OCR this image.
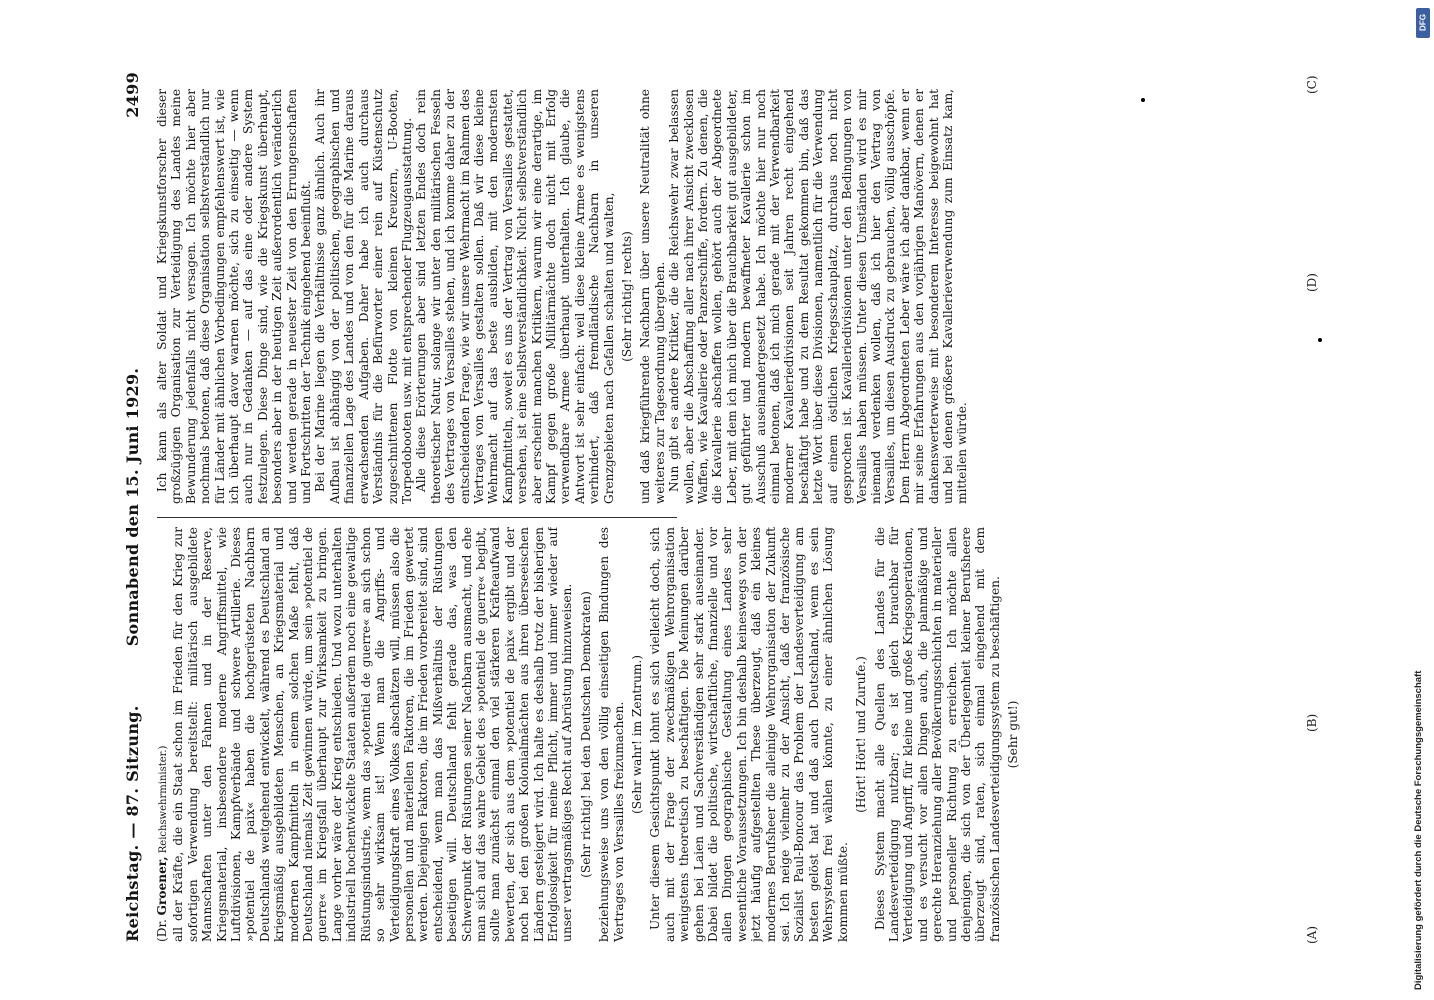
Reichstag. — 87. Sitzung.
Sonnabend den 15. Juni 1929.
2499

(Dr. Groener, Reichswehrminister.) all der Kräfte, die ein Staat schon im Frieden für den Krieg zur sofortigen Verwendung bereitstellt: militärisch ausgebildete Mannschaften unter den Fahnen und in der Reserve, Kriegsmaterial, insbesondere moderne Angriffsmittel, wie Luftdivisionen, Kampfverbände und schwere Artillerie. Dieses »potentiel de paix« haben die hochgerüsteten Nachbarn Deutschlands weitgehend entwickelt, während es Deutschland an kriegsmäßig ausgebildeten Menschen, an Kriegsmaterial und modernen Kampfmitteln in einem solchen Maße fehlt, daß Deutschland niemals Zeit gewinnen würde, um sein »potentiel de guerre« im Kriegsfall überhaupt zur Wirksamkeit zu bringen. Lange vorher wäre der Krieg entschieden. Und wozu unterhalten industriell hochentwickelte Staaten außerdem noch eine gewaltige Rüstungsindustrie, wenn das »potentiel de guerre« an sich schon so sehr wirksam ist! Wenn man die Angriffs- und Verteidigungskraft eines Volkes abschätzen will, müssen also die personellen und materiellen Faktoren, die im Frieden gewertet werden. Diejenigen Faktoren, die im Frieden vorbereitet sind, sind entscheidend, wenn man das Mißverhältnis der Rüstungen beseitigen will. Deutschland fehlt gerade das, was den Schwerpunkt der Rüstungen seiner Nachbarn ausmacht, und ehe man sich auf das wahre Gebiet des »potentiel de guerre« begibt, sollte man zunächst einmal den viel stärkeren Kräfteaufwand bewerten, der sich aus dem »potentiel de paix« ergibt und der noch bei den großen Kolonialmächten aus ihren überseeischen Ländern gesteigert wird. Ich halte es deshalb trotz der bisherigen Erfolglosigkeit für meine Pflicht, immer und immer wieder auf unser vertragsmäßiges Recht auf Abrüstung hinzuweisen. (Sehr richtig! bei den Deutschen Demokraten) beziehungsweise uns von den völlig einseitigen Bindungen des Vertrages von Versailles freizumachen. (Sehr wahr! im Zentrum.) Unter diesem Gesichtspunkt lohnt es sich vielleicht doch, sich auch mit der Frage der zweckmäßigen Wehrorganisation wenigstens theoretisch zu beschäftigen. Die Meinungen darüber gehen bei Laien und Sachverständigen sehr stark auseinander. Dabei bildet die politische, wirtschaftliche, finanzielle und vor allen Dingen geographische Gestaltung eines Landes sehr wesentliche Voraussetzungen. Ich bin deshalb keineswegs von der jetzt häufig aufgestellten These überzeugt, daß ein kleines modernes Berufsheer die alleinige Wehrorganisation der Zukunft sei. Ich neige vielmehr zu der Ansicht, daß der französische Sozialist Paul-Boncour das Problem der Landesverteidigung am besten gelöst hat und daß auch Deutschland, wenn es sein Wehrsystem frei wählen könnte, zu einer ähnlichen Lösung kommen müßte.

(Hört! Hört! und Zurufe.) Dieses System macht alle Quellen des Landes für die Landesverteidigung nutzbar; es ist gleich brauchbar für Verteidigung und Angriff, für kleine und große Kriegsoperationen, und es versucht vor allen Dingen auch, die planmäßige und gerechte Heranziehung aller Bevölkerungsschichten in materieller und personeller Richtung zu erreichen. Ich möchte allen denjenigen, die sich von der Überlegenheit kleiner Berufsheere überzeugt sind, raten, sich einmal eingehend mit dem französischen Landesverteidigungssystem zu beschäftigen. (Sehr gut!)

Ich kann als alter Soldat und Kriegskunstforscher dieser großzügigen Organisation zur Verteidigung des Landes meine Bewunderung jedenfalls nicht versagen. Ich möchte hier aber nochmals betonen, daß diese Organisation selbstverständlich nur für Länder mit ähnlichen Vorbedingungen empfehlenswert ist, wie ich überhaupt davor warnen möchte, sich zu einseitig — wenn auch nur in Gedanken — auf das eine oder andere System festzulegen. Diese Dinge sind, wie die Kriegskunst überhaupt, besonders aber in der heutigen Zeit außerordentlich veränderlich und werden gerade in neuester Zeit von den Errungenschaften und Fortschritten der Technik eingehend beeinflußt. Bei der Marine liegen die Verhältnisse ganz ähnlich. Auch ihr Aufbau ist abhängig von der politischen, geographischen und finanziellen Lage des Landes und von den für die Marine daraus erwachsenden Aufgaben. Daher habe ich auch durchaus Verständnis für die Befürworter einer rein auf Küstenschutz zugeschnittenen Flotte von kleinen Kreuzern, U-Booten, Torpedobooten usw. mit entsprechender Flugzeugausstattung. Alle diese Erörterungen aber sind letzten Endes doch rein theoretischer Natur, solange wir unter den militärischen Fesseln des Vertrages von Versailles stehen, und ich komme daher zu der entscheidenden Frage, wie wir unsere Wehrmacht im Rahmen des Vertrages von Versailles gestalten sollen. Daß wir diese kleine Wehrmacht auf das beste ausbilden, mit den modernsten Kampfmitteln, soweit es uns der Vertrag von Versailles gestattet, versehen, ist eine Selbstverständlichkeit. Nicht selbstverständlich aber erscheint manchen Kritikern, warum wir eine derartige, im Kampf gegen große Militärmächte doch nicht mit Erfolg verwendbare Armee überhaupt unterhalten. Ich glaube, die Antwort ist sehr einfach: weil diese kleine Armee es wenigstens verhindert, daß fremdländische Nachbarn in unseren Grenzgebieten nach Gefallen schalten und walten, (Sehr richtig! rechts) und daß kriegführende Nachbarn über unsere Neutralität ohne weiteres zur Tagesordnung übergehen. Nun gibt es andere Kritiker, die die Reichswehr zwar belassen wollen, aber die Abschaffung aller nach ihrer Ansicht zwecklosen Waffen, wie Kavallerie oder Panzerschiffe, fordern. Zu denen, die die Kavallerie abschaffen wollen, gehört auch der Abgeordnete Leber, mit dem ich mich über die Brauchbarkeit gut ausgebildeter, gut geführter und modern bewaffneter Kavallerie schon im Ausschuß auseinandergesetzt habe. Ich möchte hier nur noch einmal betonen, daß ich mich gerade mit der Verwendbarkeit moderner Kavalleriedivisionen seit Jahren recht eingehend beschäftigt habe und zu dem Resultat gekommen bin, daß das letzte Wort über diese Divisionen, namentlich für die Verwendung auf einem östlichen Kriegsschauplatz, durchaus noch nicht gesprochen ist. Kavalleriedivisionen unter den Bedingungen von Versailles haben müssen. Unter diesen Umständen wird es mir niemand verdenken wollen, daß ich hier den Vertrag von Versailles, um diesen Ausdruck zu gebrauchen, völlig ausschöpfe. Dem Herrn Abgeordneten Leber wäre ich aber dankbar, wenn er mir seine Erfahrungen aus den vorjährigen Manövern, denen er dankenswerterweise mit besonderem Interesse beigewohnt hat und bei denen größere Kavallerieverwendung zum Einsatz kam, mitteilen würde.

(A)
(B)
(C)
(D)
DFG
Digitalisierung gefördert durch die Deutsche Forschungsgemeinschaft
